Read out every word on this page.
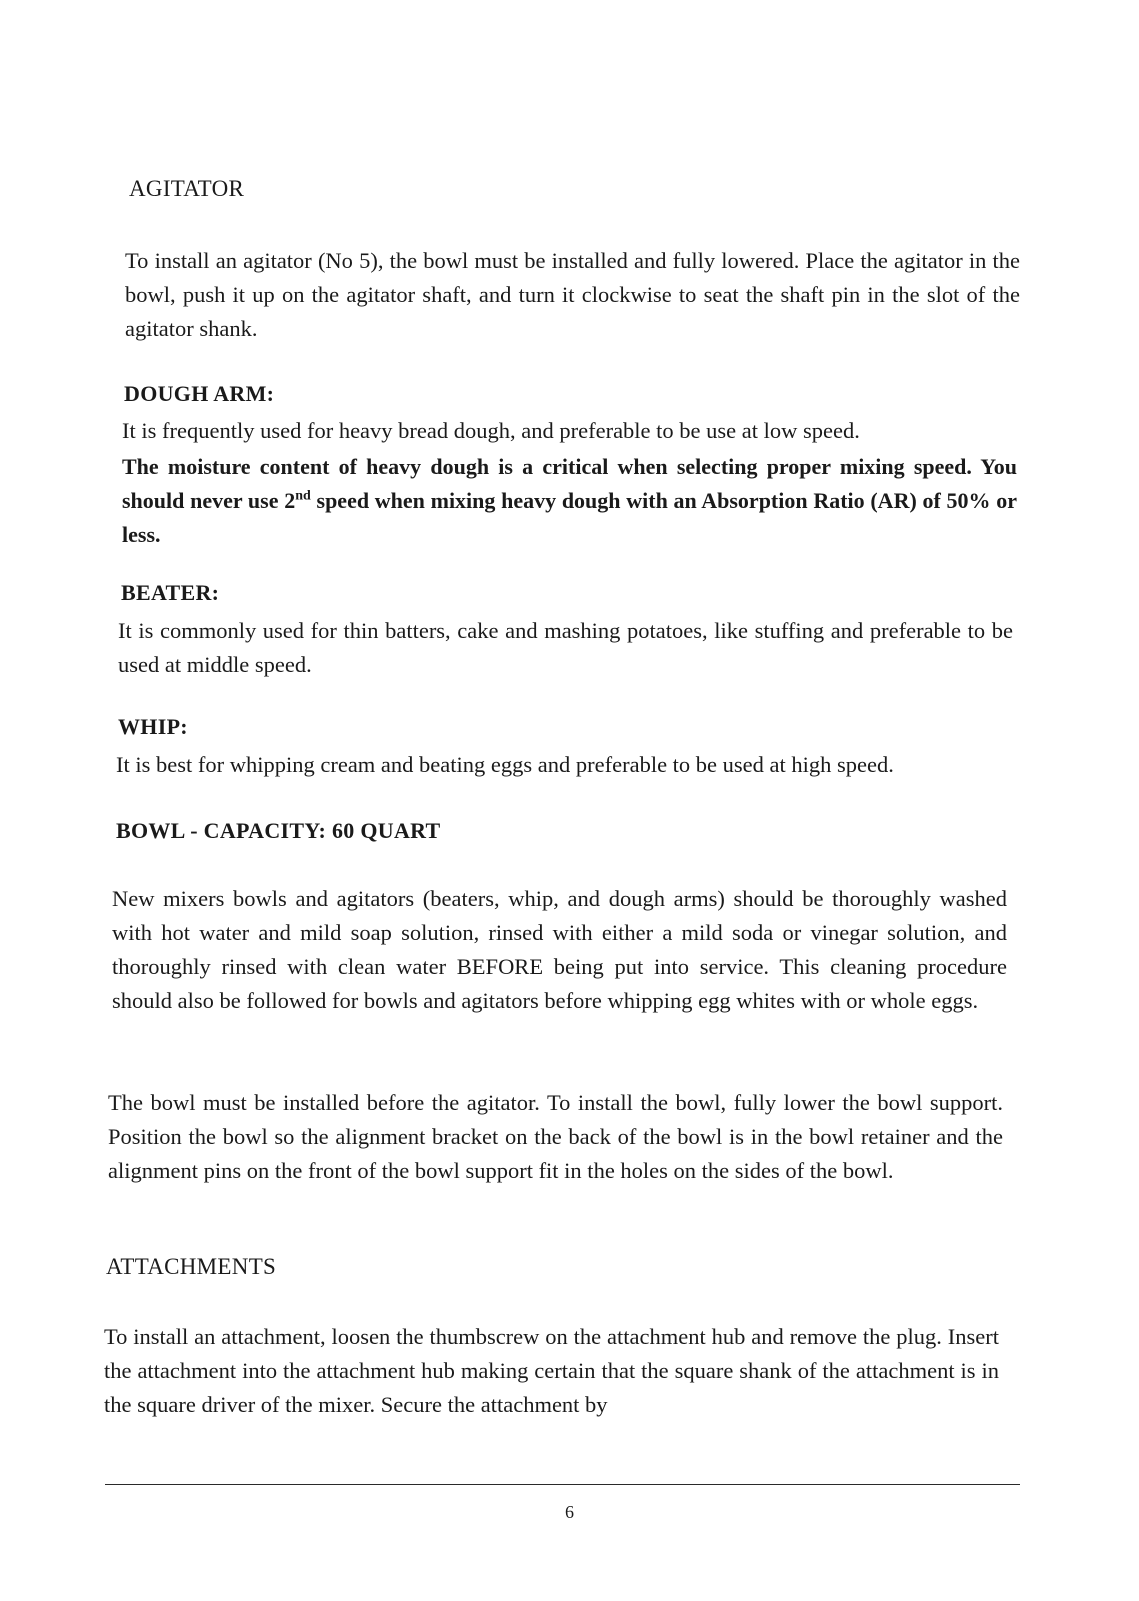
AGITATOR

To install an agitator (No 5), the bowl must be installed and fully lowered. Place the agitator in the bowl, push it up on the agitator shaft, and turn it clockwise to seat the shaft pin in the slot of the agitator shank.

DOUGH ARM:

It is frequently used for heavy bread dough, and preferable to be use at low speed.

The moisture content of heavy dough is a critical when selecting proper mixing speed. You should never use 2nd speed when mixing heavy dough with an Absorption Ratio (AR) of 50% or less.

BEATER:

It is commonly used for thin batters, cake and mashing potatoes, like stuffing and preferable to be used at middle speed.

WHIP:

It is best for whipping cream and beating eggs and preferable to be used at high speed.

BOWL - CAPACITY: 60 QUART

New mixers bowls and agitators (beaters, whip, and dough arms) should be thoroughly washed with hot water and mild soap solution, rinsed with either a mild soda or vinegar solution, and thoroughly rinsed with clean water BEFORE being put into service. This cleaning procedure should also be followed for bowls and agitators before whipping egg whites with or whole eggs.

The bowl must be installed before the agitator. To install the bowl, fully lower the bowl support. Position the bowl so the alignment bracket on the back of the bowl is in the bowl retainer and the alignment pins on the front of the bowl support fit in the holes on the sides of the bowl.

ATTACHMENTS

To install an attachment, loosen the thumbscrew on the attachment hub and remove the plug. Insert the attachment into the attachment hub making certain that the square shank of the attachment is in the square driver of the mixer. Secure the attachment by

6
